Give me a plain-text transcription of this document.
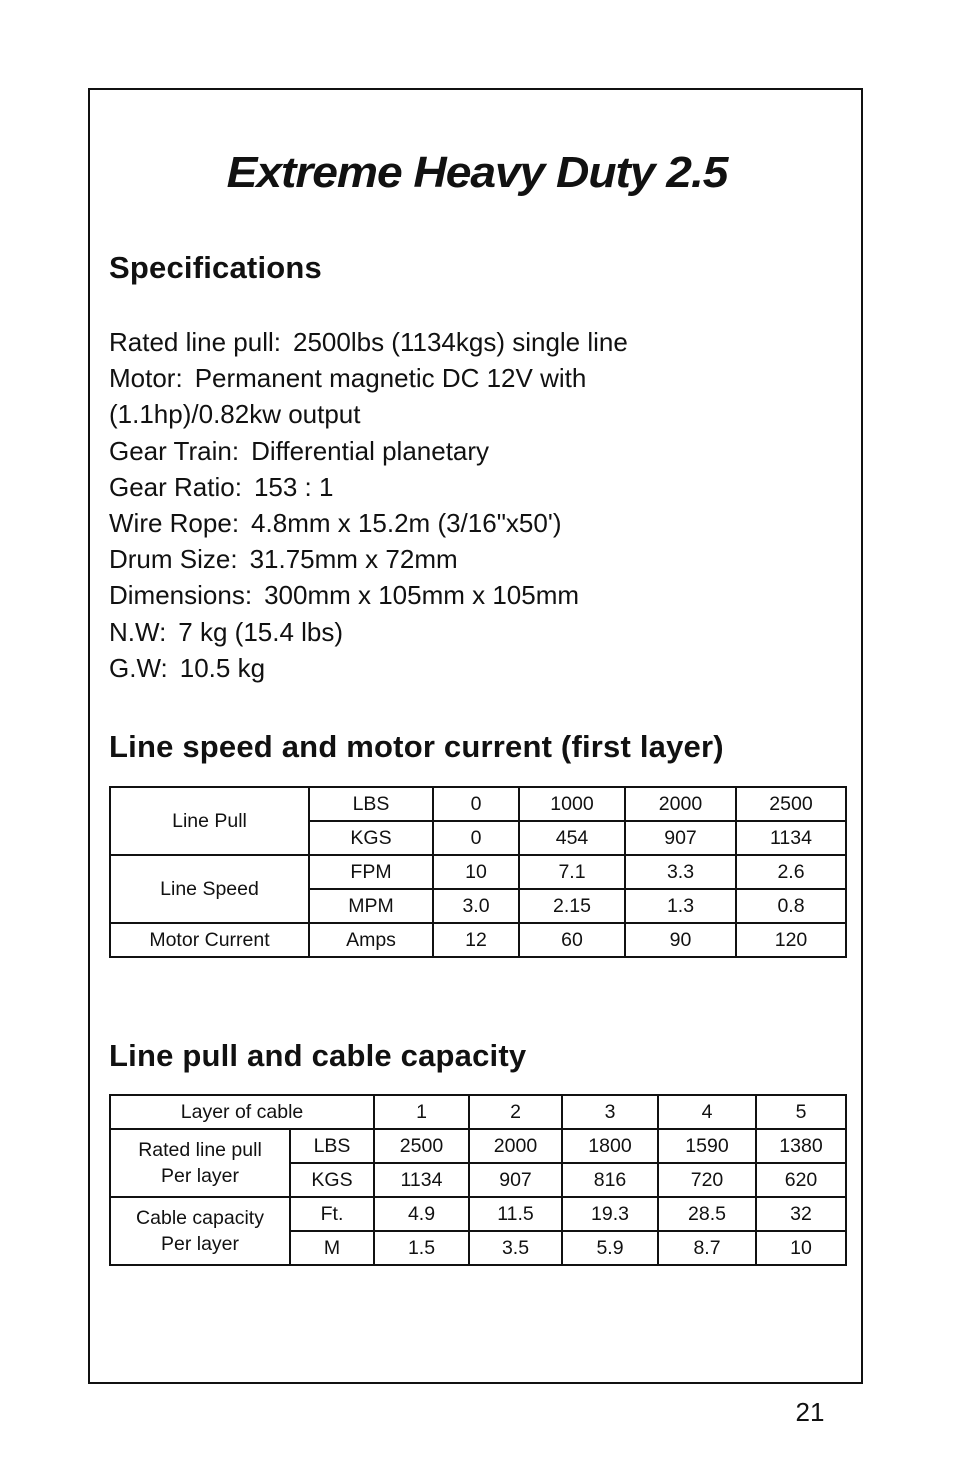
Extreme Heavy Duty 2.5
Specifications
Rated line pull: 2500lbs (1134kgs) single line
Motor: Permanent magnetic DC 12V with
(1.1hp)/0.82kw output
Gear Train: Differential planetary
Gear Ratio: 153 : 1
Wire Rope: 4.8mm x 15.2m (3/16"x50')
Drum Size: 31.75mm x 72mm
Dimensions: 300mm x 105mm x 105mm
N.W: 7 kg (15.4 lbs)
G.W: 10.5 kg
Line speed and motor current (first layer)
Line Pull	LBS	0	1000	2000	2500
	KGS	0	454	907	1134
Line Speed	FPM	10	7.1	3.3	2.6
	MPM	3.0	2.15	1.3	0.8
Motor Current	Amps	12	60	90	120
Line pull and cable capacity
Layer of cable		1	2	3	4	5
Rated line pull
Per layer	LBS	2500	2000	1800	1590	1380
	KGS	1134	907	816	720	620
Cable capacity
Per layer	Ft.	4.9	11.5	19.3	28.5	32
	M	1.5	3.5	5.9	8.7	10
21
